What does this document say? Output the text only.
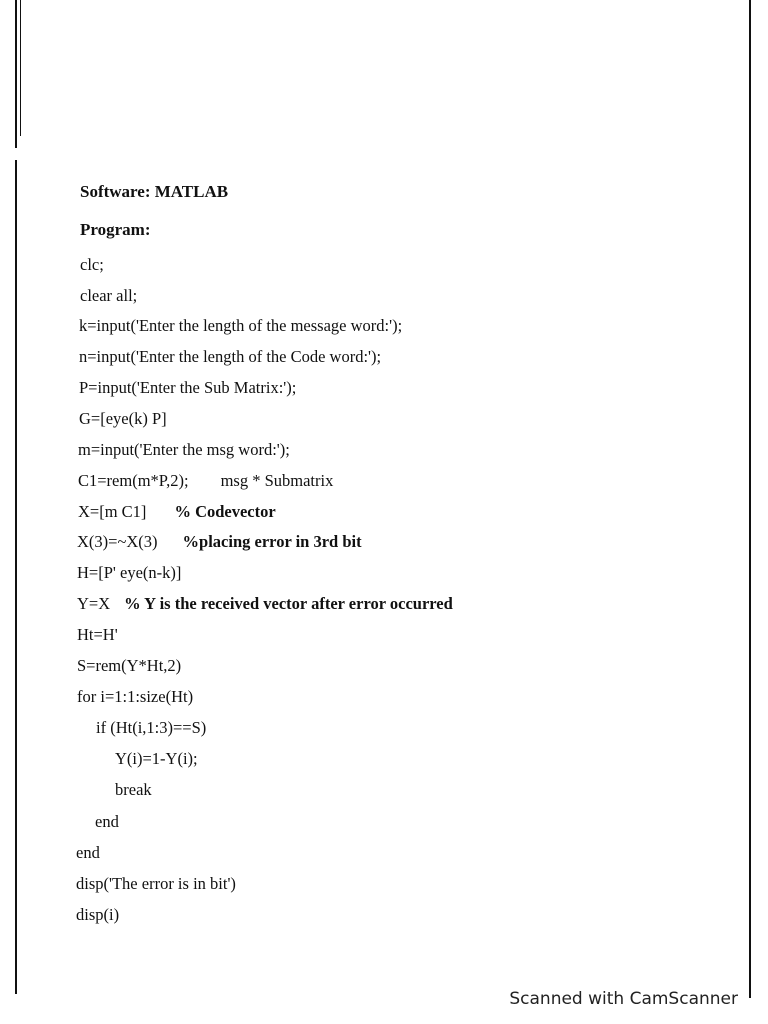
Software: MATLAB
Program:
clc;
clear all;
k=input('Enter the length of the message word:');
n=input('Enter the length of the Code word:');
P=input('Enter the Sub Matrix:');
G=[eye(k) P]
m=input('Enter the msg word:');
C1=rem(m*P,2); msg * Submatrix
X=[m C1] % Codevector
X(3)=~X(3) %placing error in 3rd bit
H=[P' eye(n-k)]
Y=X % Y is the received vector after error occurred
Ht=H'
S=rem(Y*Ht,2)
for i=1:1:size(Ht)
if (Ht(i,1:3)==S)
Y(i)=1-Y(i);
break
end
end
disp('The error is in bit')
disp(i)
Scanned with CamScanner
